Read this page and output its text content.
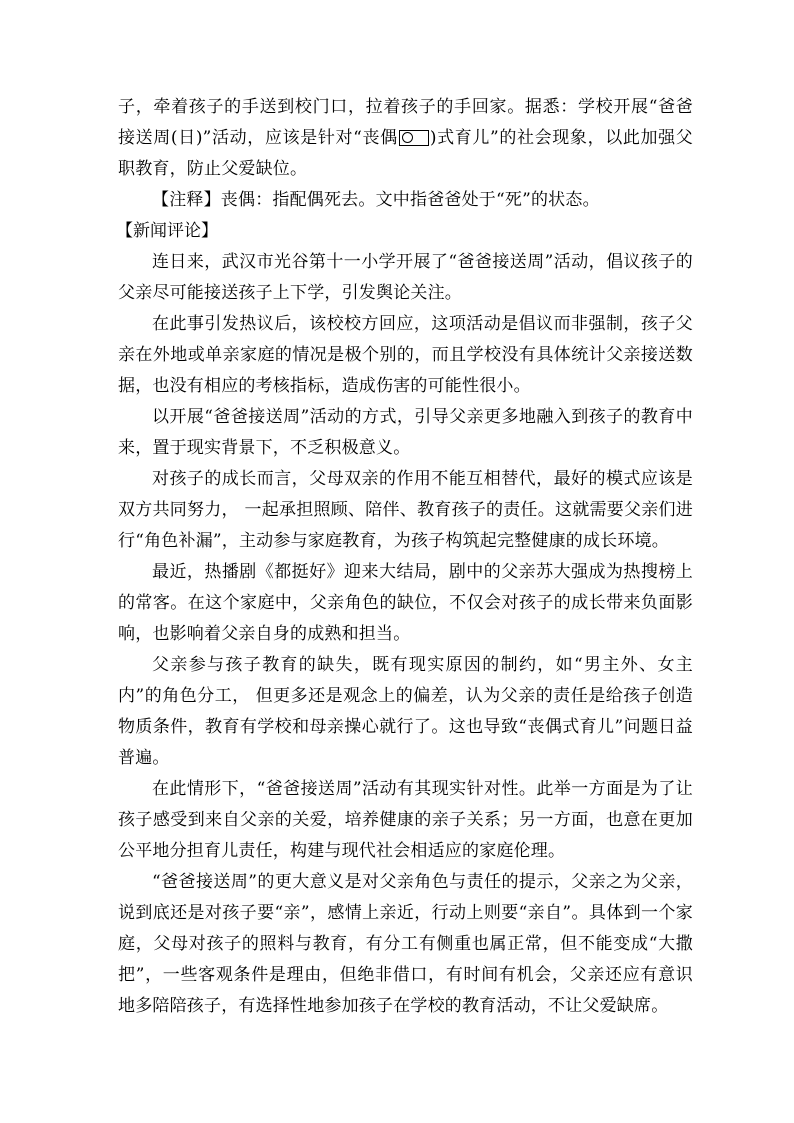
子，牵着孩子的手送到校门口，拉着孩子的手回家。据悉：学校开展“爸爸接送周(日)”活动，应该是针对“丧偶 )式育儿”的社会现象，以此加强父职教育，防止父爱缺位。

【注释】丧偶：指配偶死去。文中指爸爸处于“死”的状态。

【新闻评论】

连日来，武汉市光谷第十一小学开展了“爸爸接送周”活动，倡议孩子的父亲尽可能接送孩子上下学，引发舆论关注。

在此事引发热议后，该校校方回应，这项活动是倡议而非强制，孩子父亲在外地或单亲家庭的情况是极个别的，而且学校没有具体统计父亲接送数据，也没有相应的考核指标，造成伤害的可能性很小。

以开展“爸爸接送周”活动的方式，引导父亲更多地融入到孩子的教育中来，置于现实背景下，不乏积极意义。

对孩子的成长而言，父母双亲的作用不能互相替代，最好的模式应该是双方共同努力， 一起承担照顾、陪伴、教育孩子的责任。这就需要父亲们进行“角色补漏”，主动参与家庭教育，为孩子构筑起完整健康的成长环境。

最近，热播剧《都挺好》迎来大结局，剧中的父亲苏大强成为热搜榜上的常客。在这个家庭中，父亲角色的缺位，不仅会对孩子的成长带来负面影响，也影响着父亲自身的成熟和担当。

父亲参与孩子教育的缺失，既有现实原因的制约，如“男主外、女主内”的角色分工， 但更多还是观念上的偏差，认为父亲的责任是给孩子创造物质条件，教育有学校和母亲操心就行了。这也导致“丧偶式育儿”问题日益普遍。

在此情形下，“爸爸接送周”活动有其现实针对性。此举一方面是为了让孩子感受到来自父亲的关爱，培养健康的亲子关系；另一方面，也意在更加公平地分担育儿责任，构建与现代社会相适应的家庭伦理。

“爸爸接送周”的更大意义是对父亲角色与责任的提示，父亲之为父亲，说到底还是对孩子要“亲”，感情上亲近，行动上则要“亲自”。具体到一个家庭，父母对孩子的照料与教育，有分工有侧重也属正常，但不能变成“大撒把”，一些客观条件是理由，但绝非借口，有时间有机会，父亲还应有意识地多陪陪孩子，有选择性地参加孩子在学校的教育活动，不让父爱缺席。
